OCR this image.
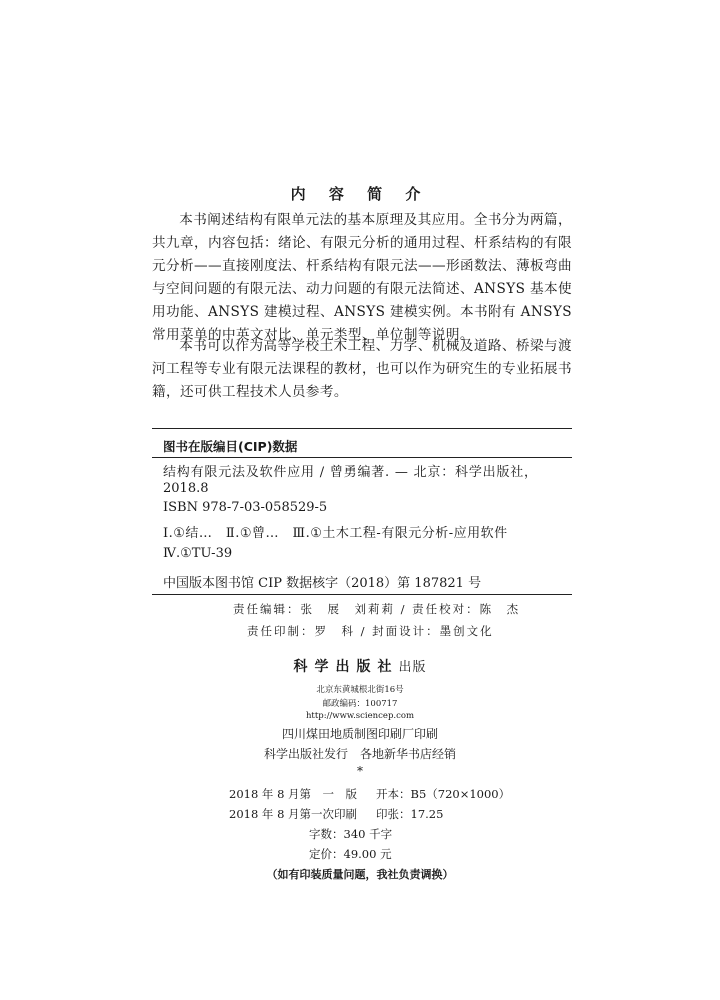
内 容 简 介
本书阐述结构有限单元法的基本原理及其应用。全书分为两篇，共九章，内容包括：绪论、有限元分析的通用过程、杆系结构的有限元分析——直接刚度法、杆系结构有限元法——形函数法、薄板弯曲与空间问题的有限元法、动力问题的有限元法简述、ANSYS 基本使用功能、ANSYS 建模过程、ANSYS 建模实例。本书附有 ANSYS 常用菜单的中英文对比、单元类型、单位制等说明。
本书可以作为高等学校土木工程、力学、机械及道路、桥梁与渡河工程等专业有限元法课程的教材，也可以作为研究生的专业拓展书籍，还可供工程技术人员参考。
图书在版编目(CIP)数据
结构有限元法及软件应用 / 曾勇编著. — 北京：科学出版社，
2018.8
ISBN 978-7-03-058529-5
Ⅰ.①结…　Ⅱ.①曾…　Ⅲ.①土木工程-有限元分析-应用软件
Ⅳ.①TU-39
中国版本图书馆 CIP 数据核字（2018）第 187821 号
责任编辑：张　展　刘莉莉 / 责任校对：陈　杰
责任印制：罗　科 / 封面设计：墨创文化
科学出版社出版
北京东黄城根北街16号
邮政编码：100717
http://www.sciencep.com
四川煤田地质制图印刷厂印刷
科学出版社发行　各地新华书店经销
*
2018 年 8 月第　一　版 开本：B5（720×1000）
2018 年 8 月第一次印刷 印张：17.25
字数：340 千字
定价：49.00 元
（如有印装质量问题，我社负责调换）
